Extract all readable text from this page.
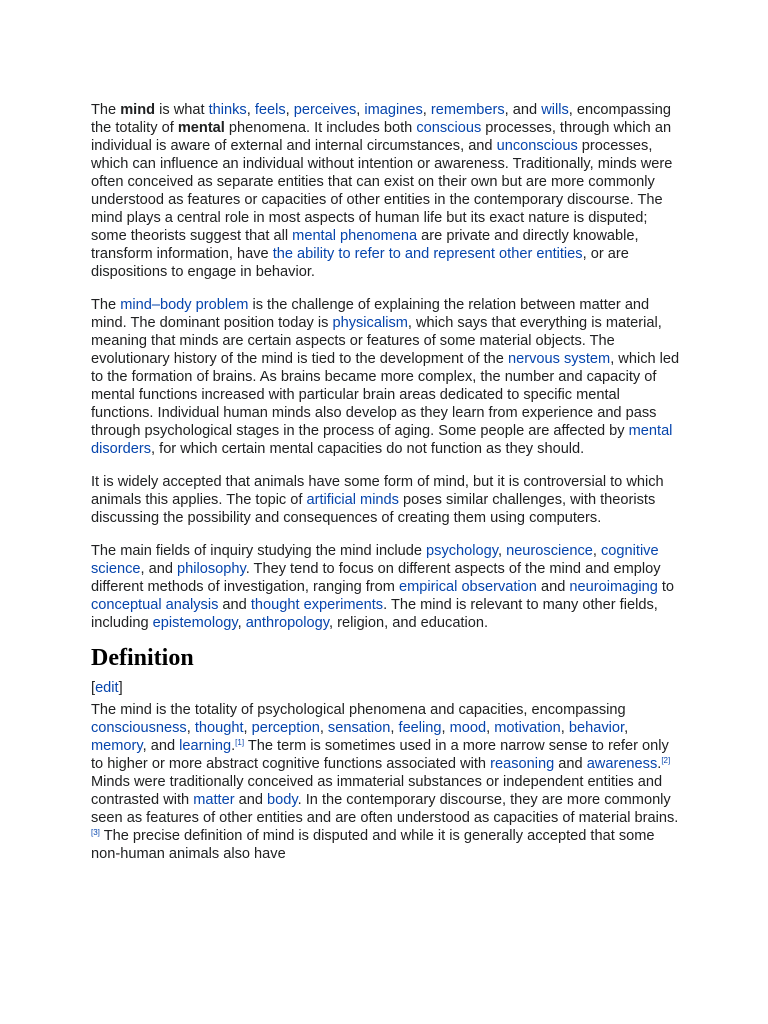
The mind is what thinks, feels, perceives, imagines, remembers, and wills, encompassing the totality of mental phenomena. It includes both conscious processes, through which an individual is aware of external and internal circumstances, and unconscious processes, which can influence an individual without intention or awareness. Traditionally, minds were often conceived as separate entities that can exist on their own but are more commonly understood as features or capacities of other entities in the contemporary discourse. The mind plays a central role in most aspects of human life but its exact nature is disputed; some theorists suggest that all mental phenomena are private and directly knowable, transform information, have the ability to refer to and represent other entities, or are dispositions to engage in behavior.

The mind–body problem is the challenge of explaining the relation between matter and mind. The dominant position today is physicalism, which says that everything is material, meaning that minds are certain aspects or features of some material objects. The evolutionary history of the mind is tied to the development of the nervous system, which led to the formation of brains. As brains became more complex, the number and capacity of mental functions increased with particular brain areas dedicated to specific mental functions. Individual human minds also develop as they learn from experience and pass through psychological stages in the process of aging. Some people are affected by mental disorders, for which certain mental capacities do not function as they should.

It is widely accepted that animals have some form of mind, but it is controversial to which animals this applies. The topic of artificial minds poses similar challenges, with theorists discussing the possibility and consequences of creating them using computers.

The main fields of inquiry studying the mind include psychology, neuroscience, cognitive science, and philosophy. They tend to focus on different aspects of the mind and employ different methods of investigation, ranging from empirical observation and neuroimaging to conceptual analysis and thought experiments. The mind is relevant to many other fields, including epistemology, anthropology, religion, and education.

Definition
[edit]

The mind is the totality of psychological phenomena and capacities, encompassing consciousness, thought, perception, sensation, feeling, mood, motivation, behavior, memory, and learning.[1] The term is sometimes used in a more narrow sense to refer only to higher or more abstract cognitive functions associated with reasoning and awareness.[2] Minds were traditionally conceived as immaterial substances or independent entities and contrasted with matter and body. In the contemporary discourse, they are more commonly seen as features of other entities and are often understood as capacities of material brains.[3] The precise definition of mind is disputed and while it is generally accepted that some non-human animals also have
